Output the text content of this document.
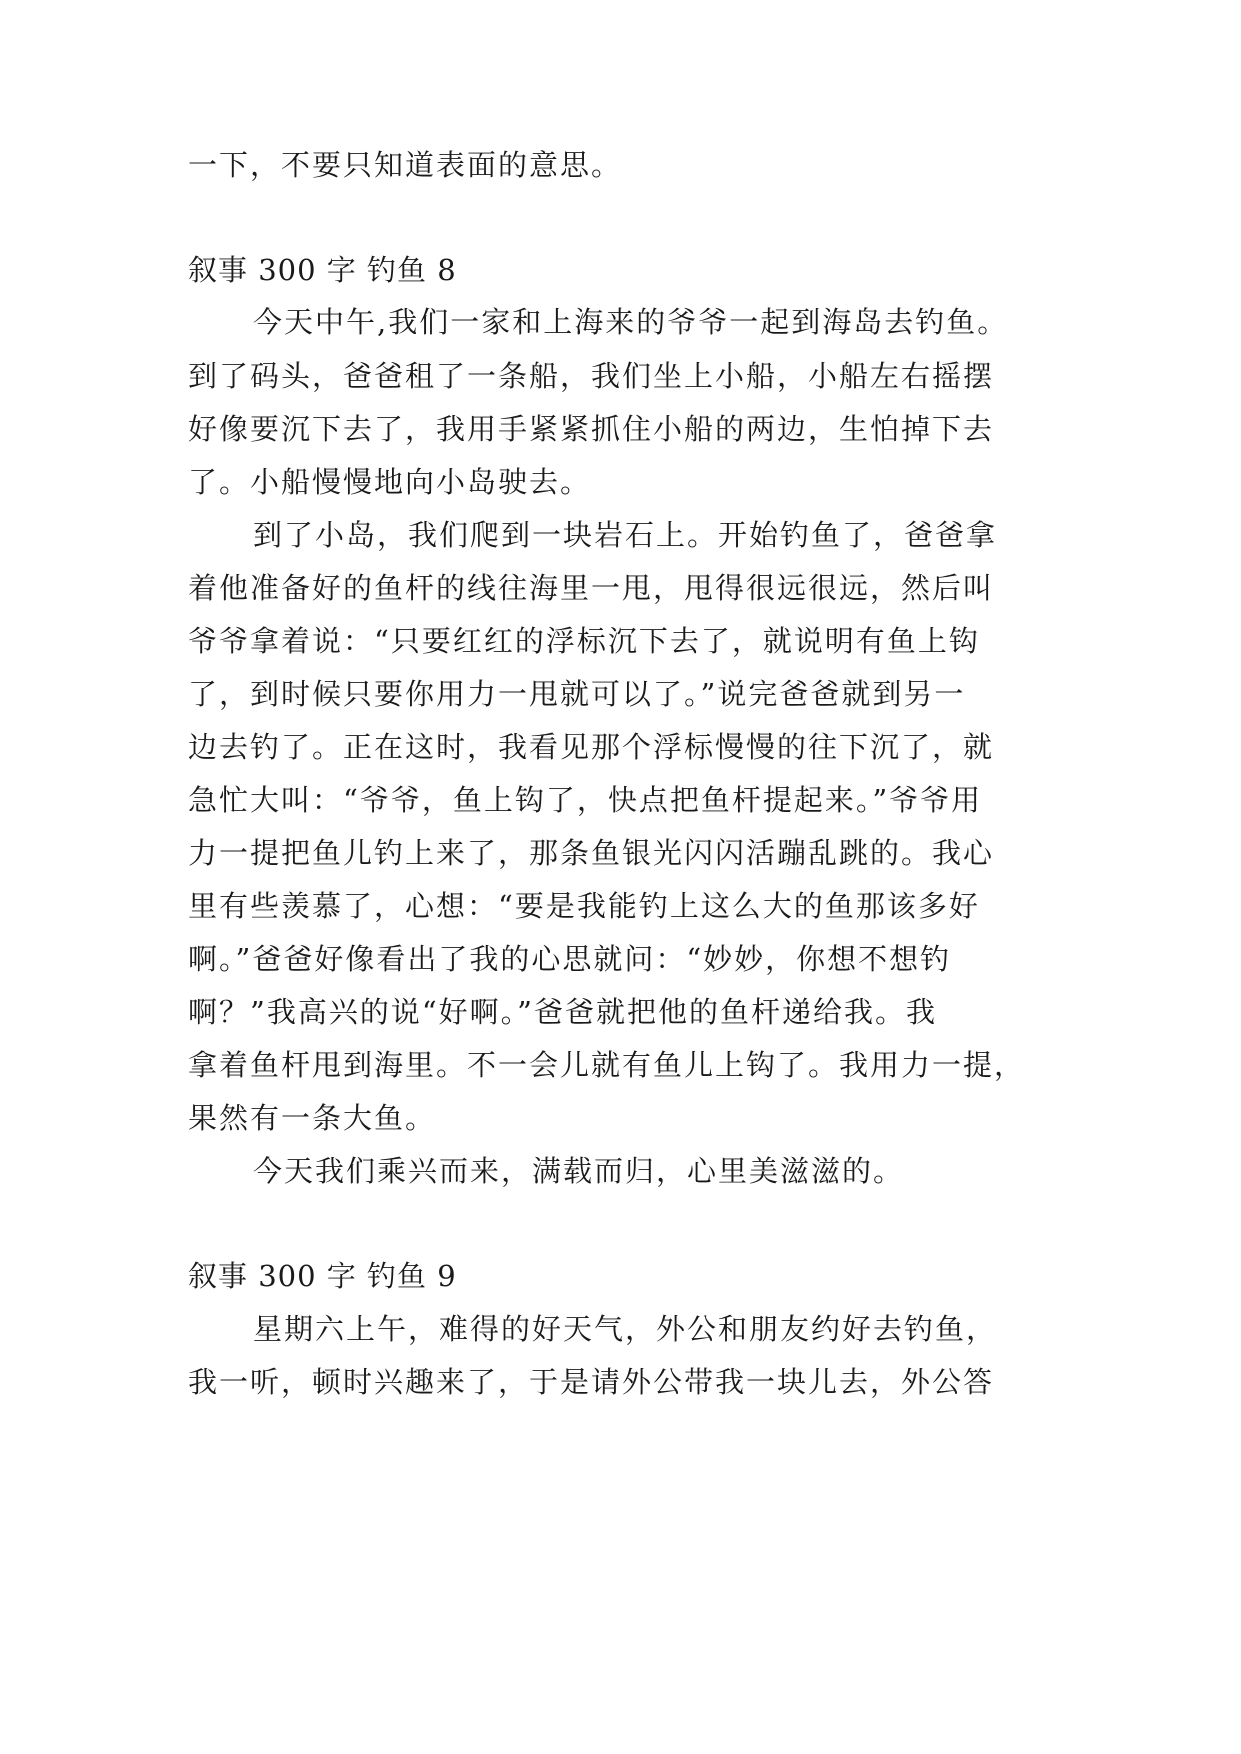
一下，不要只知道表面的意思。
叙事 300 字 钓鱼 8
今天中午,我们一家和上海来的爷爷一起到海岛去钓鱼。
到了码头，爸爸租了一条船，我们坐上小船，小船左右摇摆
好像要沉下去了，我用手紧紧抓住小船的两边，生怕掉下去
了。小船慢慢地向小岛驶去。
到了小岛，我们爬到一块岩石上。开始钓鱼了，爸爸拿
着他准备好的鱼杆的线往海里一甩，甩得很远很远，然后叫
爷爷拿着说：“只要红红的浮标沉下去了，就说明有鱼上钩
了，到时候只要你用力一甩就可以了。”说完爸爸就到另一
边去钓了。正在这时，我看见那个浮标慢慢的往下沉了，就
急忙大叫：“爷爷，鱼上钩了，快点把鱼杆提起来。”爷爷用
力一提把鱼儿钓上来了，那条鱼银光闪闪活蹦乱跳的。我心
里有些羡慕了，心想：“要是我能钓上这么大的鱼那该多好
啊。”爸爸好像看出了我的心思就问：“妙妙，你想不想钓
啊？”我高兴的说“好啊。”爸爸就把他的鱼杆递给我。我
拿着鱼杆甩到海里。不一会儿就有鱼儿上钩了。我用力一提，
果然有一条大鱼。
今天我们乘兴而来，满载而归，心里美滋滋的。
叙事 300 字 钓鱼 9
星期六上午，难得的好天气，外公和朋友约好去钓鱼，
我一听，顿时兴趣来了，于是请外公带我一块儿去，外公答
